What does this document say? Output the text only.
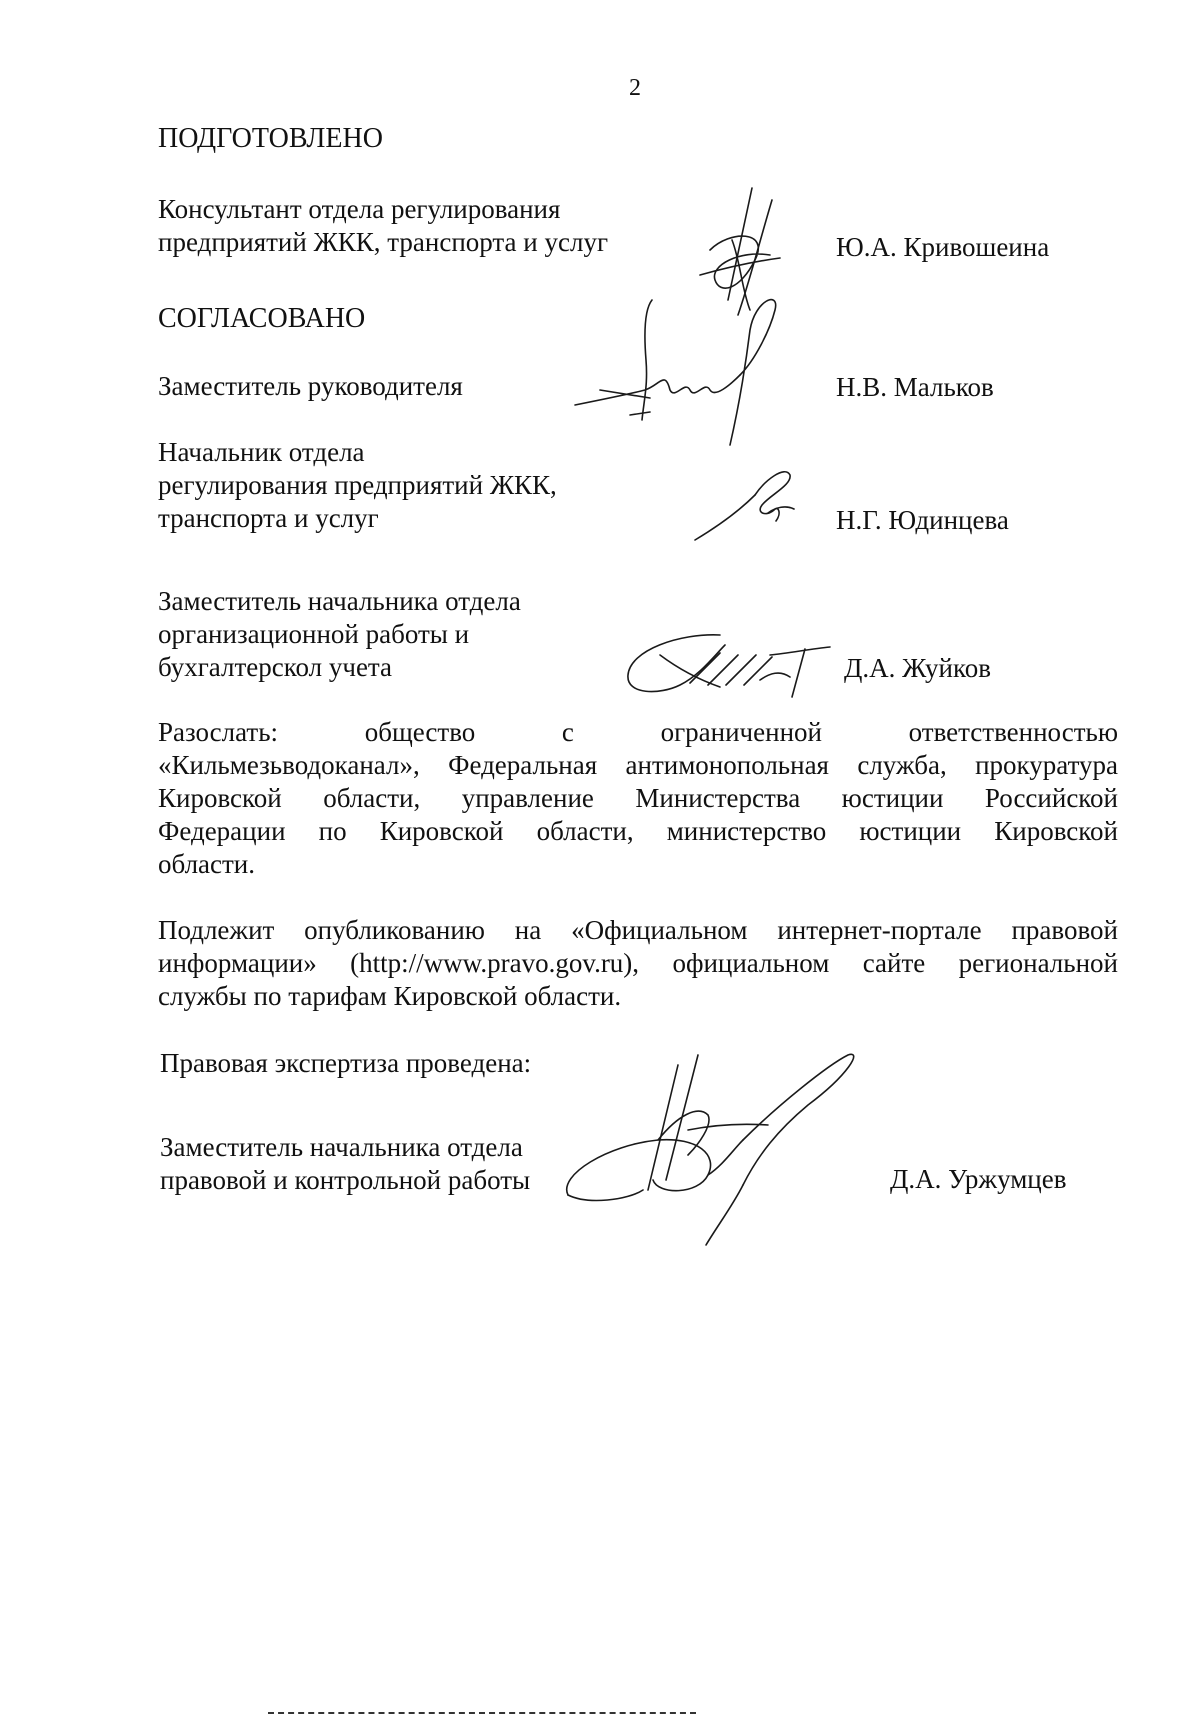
2
ПОДГОТОВЛЕНО
Консультант отдела регулирования
предприятий ЖКК, транспорта и услуг	Ю.А. Кривошеина
СОГЛАСОВАНО
Заместитель руководителя	Н.В. Мальков
Начальник отдела
регулирования предприятий ЖКК,
транспорта и услуг	Н.Г. Юдинцева
Заместитель начальника отдела
организационной работы и
бухгалтерскол учета	Д.А. Жуйков
Разослать: общество с ограниченной ответственностью
«Кильмезьводоканал», Федеральная антимонопольная служба, прокуратура
Кировской области, управление Министерства юстиции Российской
Федерации по Кировской области, министерство юстиции Кировской
области.
Подлежит опубликованию на «Официальном интернет-портале правовой
информации» (http://www.pravo.gov.ru), официальном сайте региональной
службы по тарифам Кировской области.
Правовая экспертиза проведена:
Заместитель начальника отдела
правовой и контрольной работы	Д.А. Уржумцев
